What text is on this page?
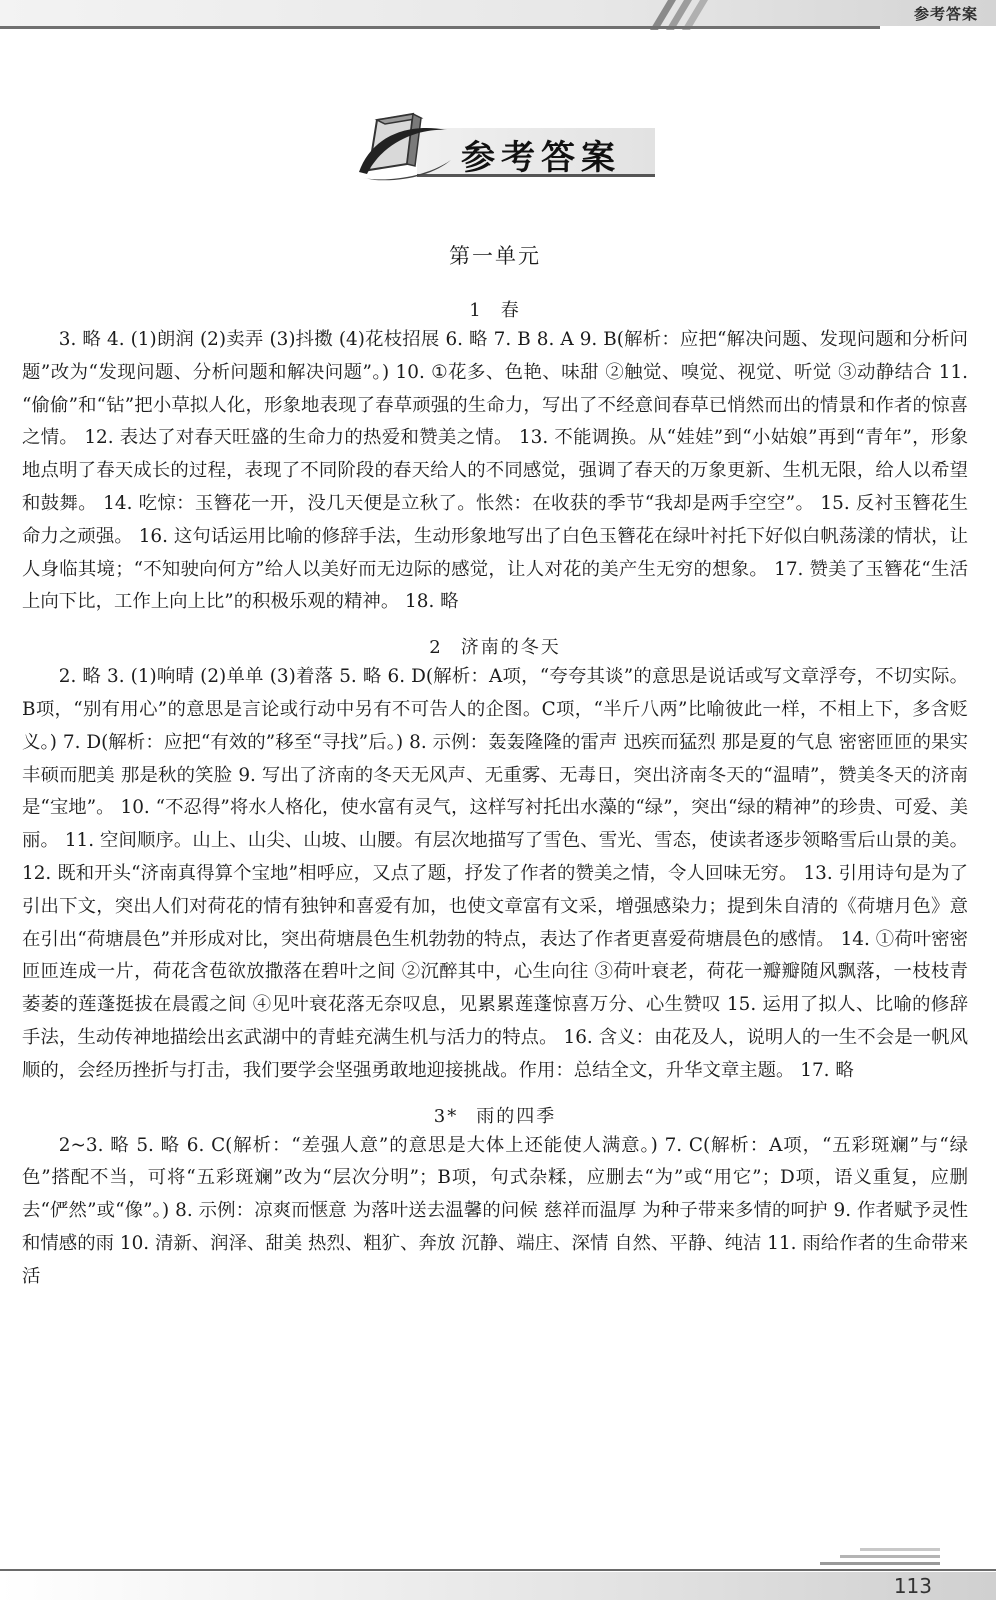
参考答案
参考答案
第一单元
1 春

3. 略 4. (1)朗润 (2)卖弄 (3)抖擞 (4)花枝招展 6. 略 7. B 8. A 9. B(解析：应把“解决问题、发现问题和分析问题”改为“发现问题、分析问题和解决问题”。) 10. ①花多、色艳、味甜 ②触觉、嗅觉、视觉、听觉 ③动静结合 11. “偷偷”和“钻”把小草拟人化，形象地表现了春草顽强的生命力，写出了不经意间春草已悄然而出的情景和作者的惊喜之情。 12. 表达了对春天旺盛的生命力的热爱和赞美之情。 13. 不能调换。从“娃娃”到“小姑娘”再到“青年”，形象地点明了春天成长的过程，表现了不同阶段的春天给人的不同感觉，强调了春天的万象更新、生机无限，给人以希望和鼓舞。 14. 吃惊：玉簪花一开，没几天便是立秋了。怅然：在收获的季节“我却是两手空空”。 15. 反衬玉簪花生命力之顽强。 16. 这句话运用比喻的修辞手法，生动形象地写出了白色玉簪花在绿叶衬托下好似白帆荡漾的情状，让人身临其境；“不知驶向何方”给人以美好而无边际的感觉，让人对花的美产生无穷的想象。 17. 赞美了玉簪花“生活上向下比，工作上向上比”的积极乐观的精神。 18. 略

2 济南的冬天

2. 略 3. (1)响晴 (2)单单 (3)着落 5. 略 6. D(解析：A项，“夸夸其谈”的意思是说话或写文章浮夸，不切实际。B项，“别有用心”的意思是言论或行动中另有不可告人的企图。C项，“半斤八两”比喻彼此一样，不相上下，多含贬义。) 7. D(解析：应把“有效的”移至“寻找”后。) 8. 示例：轰轰隆隆的雷声 迅疾而猛烈 那是夏的气息 密密匝匝的果实 丰硕而肥美 那是秋的笑脸 9. 写出了济南的冬天无风声、无重雾、无毒日，突出济南冬天的“温晴”，赞美冬天的济南是“宝地”。 10. “不忍得”将水人格化，使水富有灵气，这样写衬托出水藻的“绿”，突出“绿的精神”的珍贵、可爱、美丽。 11. 空间顺序。山上、山尖、山坡、山腰。有层次地描写了雪色、雪光、雪态，使读者逐步领略雪后山景的美。 12. 既和开头“济南真得算个宝地”相呼应，又点了题，抒发了作者的赞美之情，令人回味无穷。 13. 引用诗句是为了引出下文，突出人们对荷花的情有独钟和喜爱有加，也使文章富有文采，增强感染力；提到朱自清的《荷塘月色》意在引出“荷塘晨色”并形成对比，突出荷塘晨色生机勃勃的特点，表达了作者更喜爱荷塘晨色的感情。 14. ①荷叶密密匝匝连成一片，荷花含苞欲放撒落在碧叶之间 ②沉醉其中，心生向往 ③荷叶衰老，荷花一瓣瓣随风飘落，一枝枝青萎萎的莲蓬挺拔在晨霞之间 ④见叶衰花落无奈叹息，见累累莲蓬惊喜万分、心生赞叹 15. 运用了拟人、比喻的修辞手法，生动传神地描绘出玄武湖中的青蛙充满生机与活力的特点。 16. 含义：由花及人，说明人的一生不会是一帆风顺的，会经历挫折与打击，我们要学会坚强勇敢地迎接挑战。作用：总结全文，升华文章主题。 17. 略

3* 雨的四季

2~3. 略 5. 略 6. C(解析：“差强人意”的意思是大体上还能使人满意。) 7. C(解析：A项，“五彩斑斓”与“绿色”搭配不当，可将“五彩斑斓”改为“层次分明”；B项，句式杂糅，应删去“为”或“用它”；D项，语义重复，应删去“俨然”或“像”。) 8. 示例：凉爽而惬意 为落叶送去温馨的问候 慈祥而温厚 为种子带来多情的呵护 9. 作者赋予灵性和情感的雨 10. 清新、润泽、甜美 热烈、粗犷、奔放 沉静、端庄、深情 自然、平静、纯洁 11. 雨给作者的生命带来活

113
